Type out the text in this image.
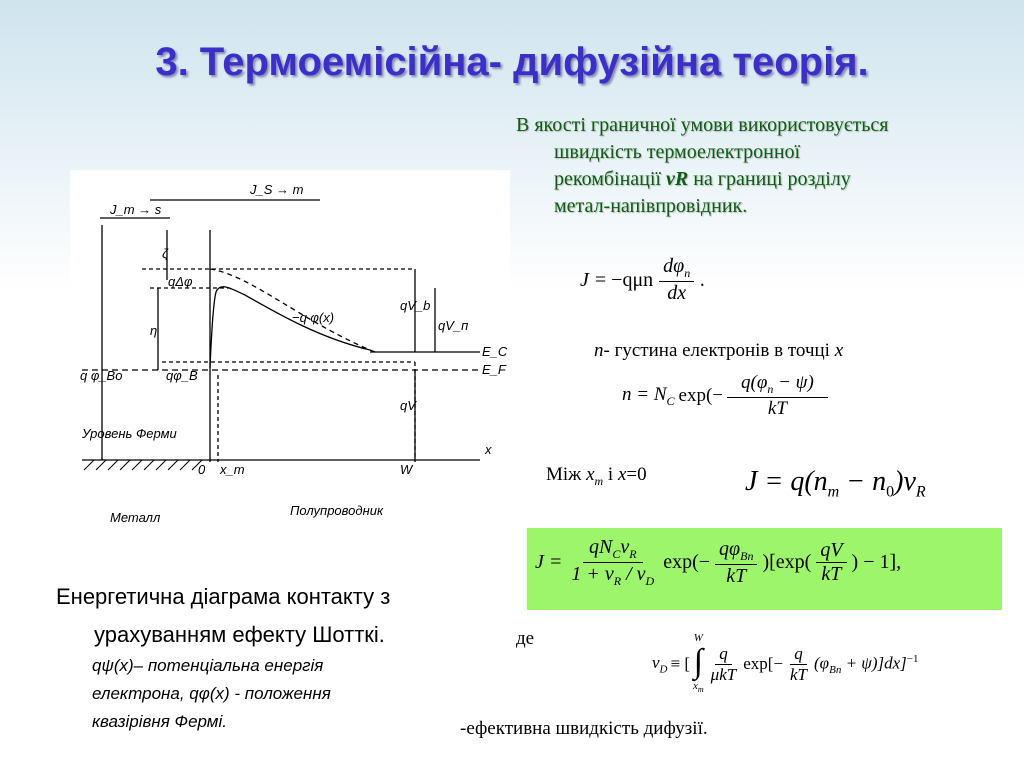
3. Термоемісійна- дифузійна теорія.
В якості граничної умови використовується
швидкість термоелектронної
рекомбінації vR на границі розділу
метал-напівпровідник.
$J = -q\mu n \frac{d\varphi_n}{dx}$ .
n- густина електронів в точці x
$n = N_C$ $\exp(- \frac{q(\varphi_n - \psi)}{kT}$
Між $x_m$ і x=0	$J = q(n_m - n_0)v_R$
$J = \frac{qN_Cv_R}{1 + v_R / v_D} \exp(- \frac{q\varphi_{Bn}}{kT} )[\exp( \frac{qV}{kT}$ ) − 1],
де
$v_D$ ≡ [
W
∫
$x_m$
$\frac{q}{\text{μkT}} \exp[- \frac{q}{kT} (\varphi_{Bn} + \psi)]dx]^{-1}$
-ефективна швидкість дифузії.
Енергетична діаграма контакту з
урахуванням ефекту Шотткі.
qψ(x)– потенціальна енергія
електрона, qφ(x) - положення
квазірівня Фермі.
J_S → m
J_m → s
ζ
qΔφ
η
−q φ(x)
qV_b
qV_п
E_C
E_F
q φ_Bo	qφ_B
qV
Уровень Ферми
x
0 x_m	W
Металл	Полупроводник
